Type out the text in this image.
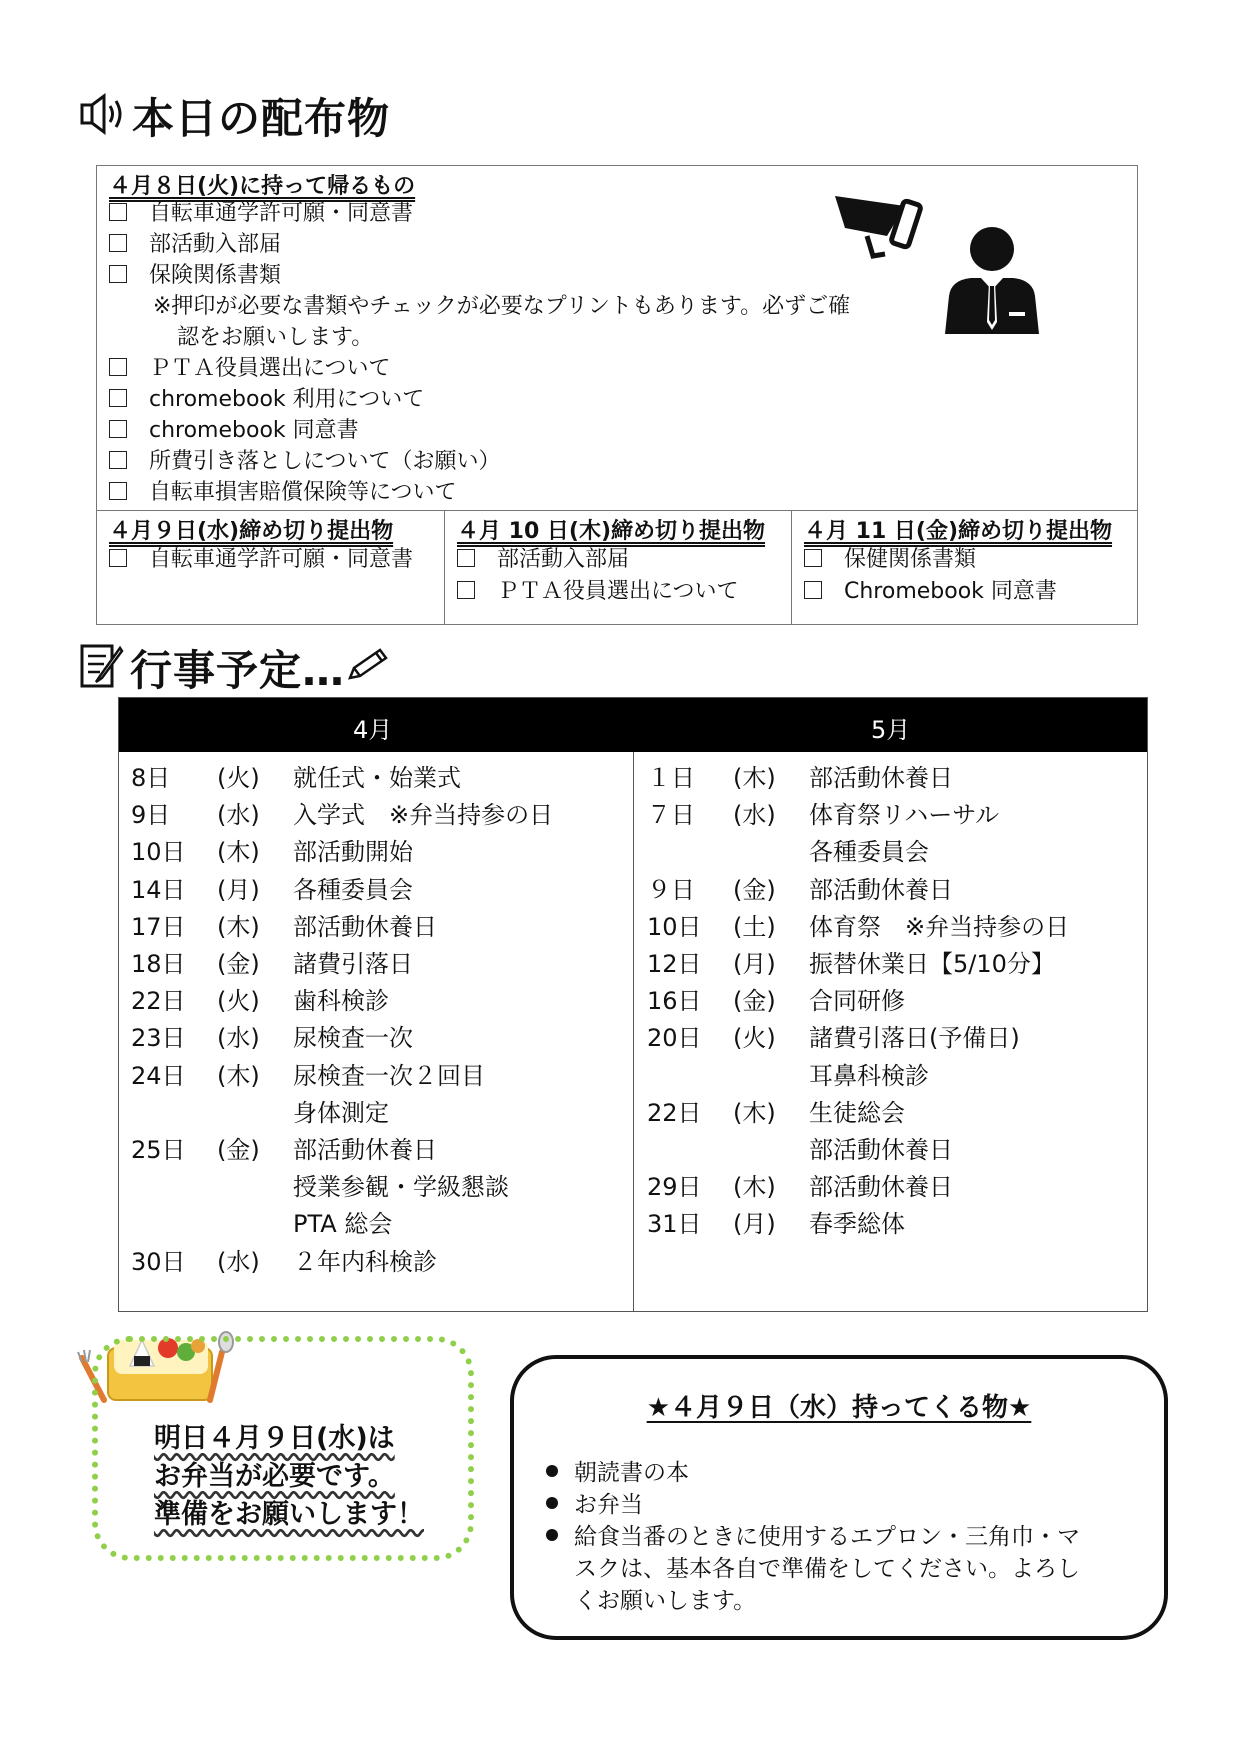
本日の配布物
４月８日(火)に持って帰るもの
自転車通学許可願・同意書
部活動入部届
保険関係書類
※押印が必要な書類やチェックが必要なプリントもあります。必ずご確
認をお願いします。
ＰＴＡ役員選出について
chromebook 利用について
chromebook 同意書
所費引き落としについて（お願い）
自転車損害賠償保険等について
４月９日(水)締め切り提出物
自転車通学許可願・同意書
４月 10 日(木)締め切り提出物
部活動入部届
ＰＴＡ役員選出について
４月 11 日(金)締め切り提出物
保健関係書類
Chromebook 同意書
行事予定…
4月	5月
8日	(火)	就任式・始業式
9日	(水)	入学式　※弁当持参の日
10日	(木)	部活動開始
14日	(月)	各種委員会
17日	(木)	部活動休養日
18日	(金)	諸費引落日
22日	(火)	歯科検診
23日	(水)	尿検査一次
24日	(木)	尿検査一次２回目
身体測定
25日	(金)	部活動休養日
授業参観・学級懇談
PTA 総会
30日	(水)	２年内科検診
１日	(木)	部活動休養日
７日	(水)	体育祭リハーサル
各種委員会
９日	(金)	部活動休養日
10日	(土)	体育祭　※弁当持参の日
12日	(月)	振替休業日【5/10分】
16日	(金)	合同研修
20日	(火)	諸費引落日(予備日)
耳鼻科検診
22日	(木)	生徒総会
部活動休養日
29日	(木)	部活動休養日
31日	(月)	春季総体
明日４月９日(水)は
お弁当が必要です。
準備をお願いします！
★４月９日（水）持ってくる物★
朝読書の本
お弁当
給食当番のときに使用するエプロン・三角巾・マ
スクは、基本各自で準備をしてください。よろし
くお願いします。
